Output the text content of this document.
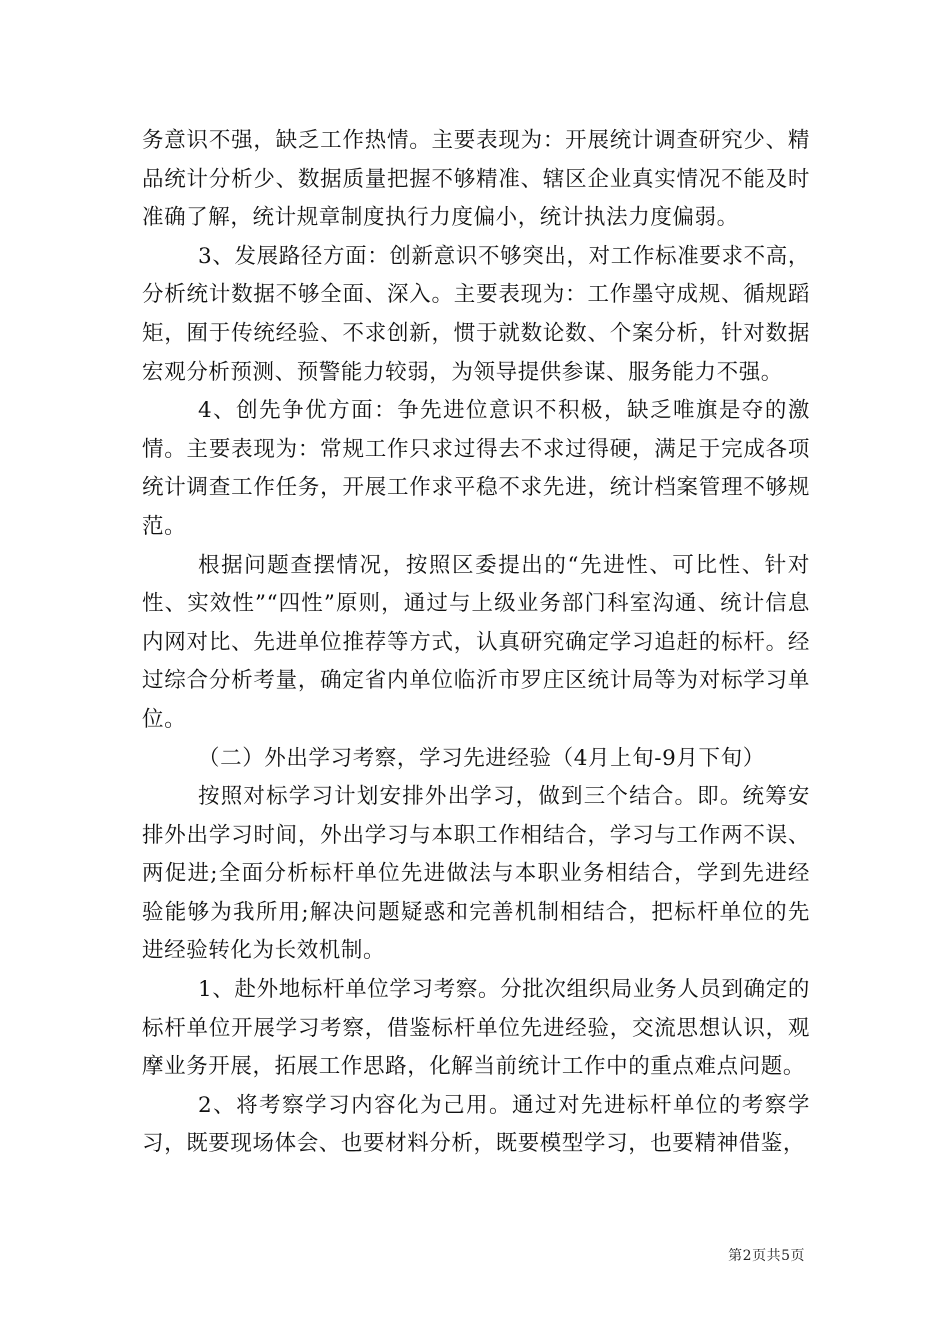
务意识不强，缺乏工作热情。主要表现为：开展统计调查研究少、精品统计分析少、数据质量把握不够精准、辖区企业真实情况不能及时准确了解，统计规章制度执行力度偏小，统计执法力度偏弱。

3、发展路径方面：创新意识不够突出，对工作标准要求不高，分析统计数据不够全面、深入。主要表现为：工作墨守成规、循规蹈矩，囿于传统经验、不求创新，惯于就数论数、个案分析，针对数据宏观分析预测、预警能力较弱，为领导提供参谋、服务能力不强。

4、创先争优方面：争先进位意识不积极，缺乏唯旗是夺的激情。主要表现为：常规工作只求过得去不求过得硬，满足于完成各项统计调查工作任务，开展工作求平稳不求先进，统计档案管理不够规范。

根据问题查摆情况，按照区委提出的“先进性、可比性、针对性、实效性”“四性”原则，通过与上级业务部门科室沟通、统计信息内网对比、先进单位推荐等方式，认真研究确定学习追赶的标杆。经过综合分析考量，确定省内单位临沂市罗庄区统计局等为对标学习单位。

（二）外出学习考察，学习先进经验（4月上旬-9月下旬）

按照对标学习计划安排外出学习，做到三个结合。即。统筹安排外出学习时间，外出学习与本职工作相结合，学习与工作两不误、两促进;全面分析标杆单位先进做法与本职业务相结合，学到先进经验能够为我所用;解决问题疑惑和完善机制相结合，把标杆单位的先进经验转化为长效机制。

1、赴外地标杆单位学习考察。分批次组织局业务人员到确定的标杆单位开展学习考察，借鉴标杆单位先进经验，交流思想认识，观摩业务开展，拓展工作思路，化解当前统计工作中的重点难点问题。

2、将考察学习内容化为己用。通过对先进标杆单位的考察学习，既要现场体会、也要材料分析，既要模型学习，也要精神借鉴，

第2页共5页
